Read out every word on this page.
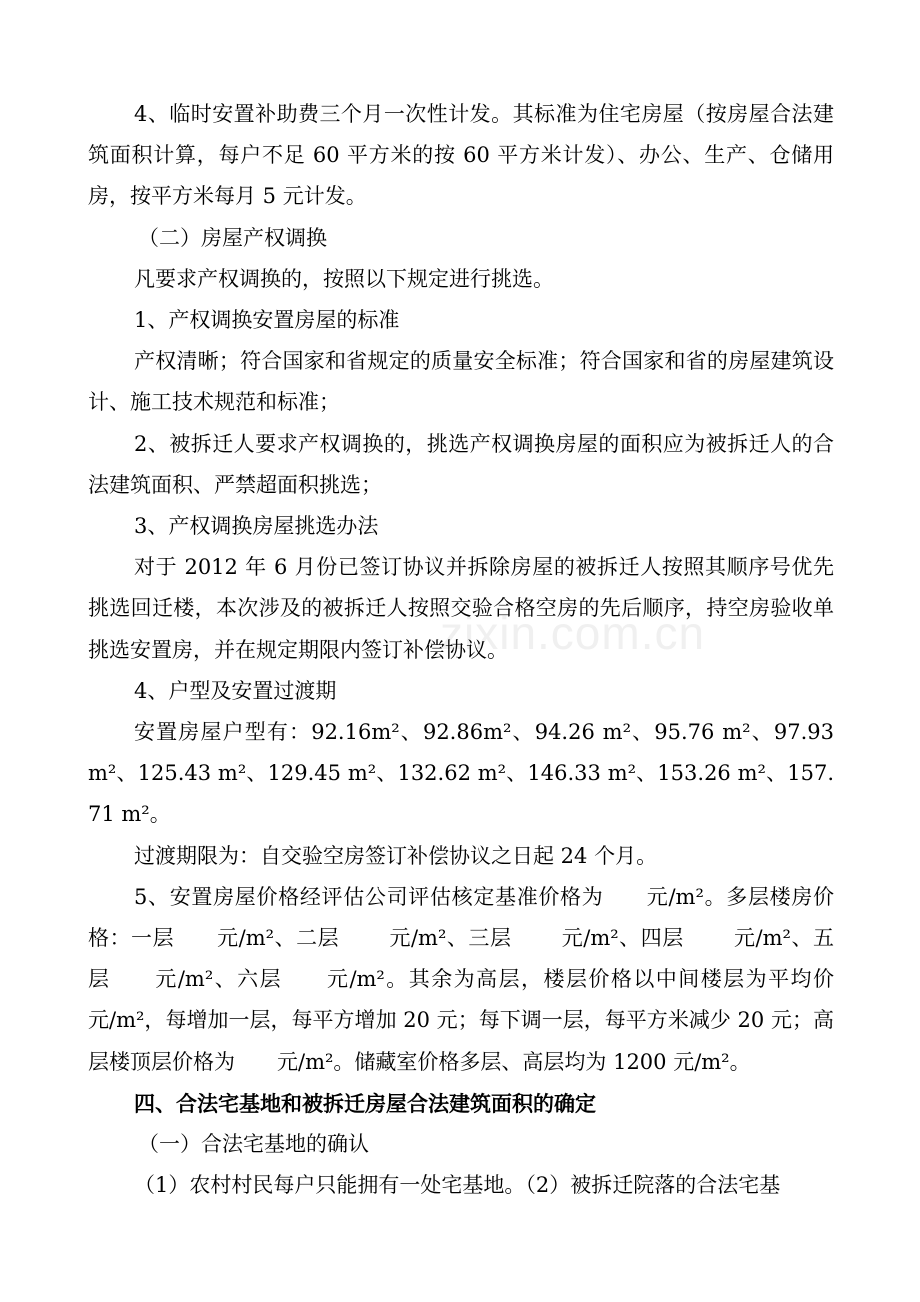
zixin.com.cn

4、临时安置补助费三个月一次性计发。其标准为住宅房屋（按房屋合法建筑面积计算，每户不足 60 平方米的按 60 平方米计发）、办公、生产、仓储用房，按平方米每月 5 元计发。

（二）房屋产权调换

凡要求产权调换的，按照以下规定进行挑选。

1、产权调换安置房屋的标准

产权清晰；符合国家和省规定的质量安全标准；符合国家和省的房屋建筑设计、施工技术规范和标准；

2、被拆迁人要求产权调换的，挑选产权调换房屋的面积应为被拆迁人的合法建筑面积、严禁超面积挑选；

3、产权调换房屋挑选办法

对于 2012 年 6 月份已签订协议并拆除房屋的被拆迁人按照其顺序号优先挑选回迁楼，本次涉及的被拆迁人按照交验合格空房的先后顺序，持空房验收单挑选安置房，并在规定期限内签订补偿协议。

4、户型及安置过渡期

安置房屋户型有：92.16m²、92.86m²、94.26 m²、95.76 m²、97.93 m²、125.43 m²、129.45 m²、132.62 m²、146.33 m²、153.26 m²、157.71 m²。

过渡期限为：自交验空房签订补偿协议之日起 24 个月。

5、安置房屋价格经评估公司评估核定基准价格为　　元/m²。多层楼房价格：一层　　元/m²、二层　　 元/m²、三层　　 元/m²、四层　　 元/m²、五层　　元/m²、六层　　元/m²。其余为高层，楼层价格以中间楼层为平均价　　元/m²，每增加一层，每平方增加 20 元；每下调一层，每平方米减少 20 元；高层楼顶层价格为　　元/m²。储藏室价格多层、高层均为 1200 元/m²。

四、合法宅基地和被拆迁房屋合法建筑面积的确定

（一）合法宅基地的确认

（1）农村村民每户只能拥有一处宅基地。（2）被拆迁院落的合法宅基
